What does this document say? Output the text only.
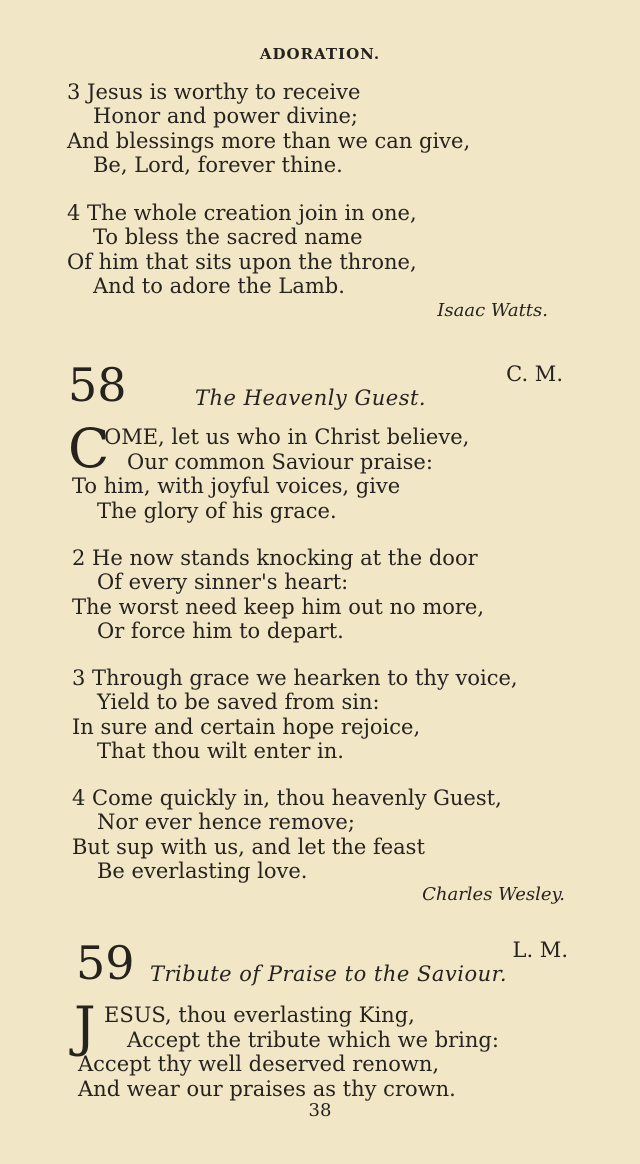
ADORATION.
3 Jesus is worthy to receive
Honor and power divine;
And blessings more than we can give,
Be, Lord, forever thine.
4 The whole creation join in one,
To bless the sacred name
Of him that sits upon the throne,
And to adore the Lamb.
Isaac Watts.
58	C. M.
The Heavenly Guest.
C
OME, let us who in Christ believe,
Our common Saviour praise:
To him, with joyful voices, give
The glory of his grace.
2 He now stands knocking at the door
Of every sinner's heart:
The worst need keep him out no more,
Or force him to depart.
3 Through grace we hearken to thy voice,
Yield to be saved from sin:
In sure and certain hope rejoice,
That thou wilt enter in.
4 Come quickly in, thou heavenly Guest,
Nor ever hence remove;
But sup with us, and let the feast
Be everlasting love.
Charles Wesley.
59	L. M.
Tribute of Praise to the Saviour.
J ESUS, thou everlasting King,
Accept the tribute which we bring:
Accept thy well deserved renown,
And wear our praises as thy crown.
38
